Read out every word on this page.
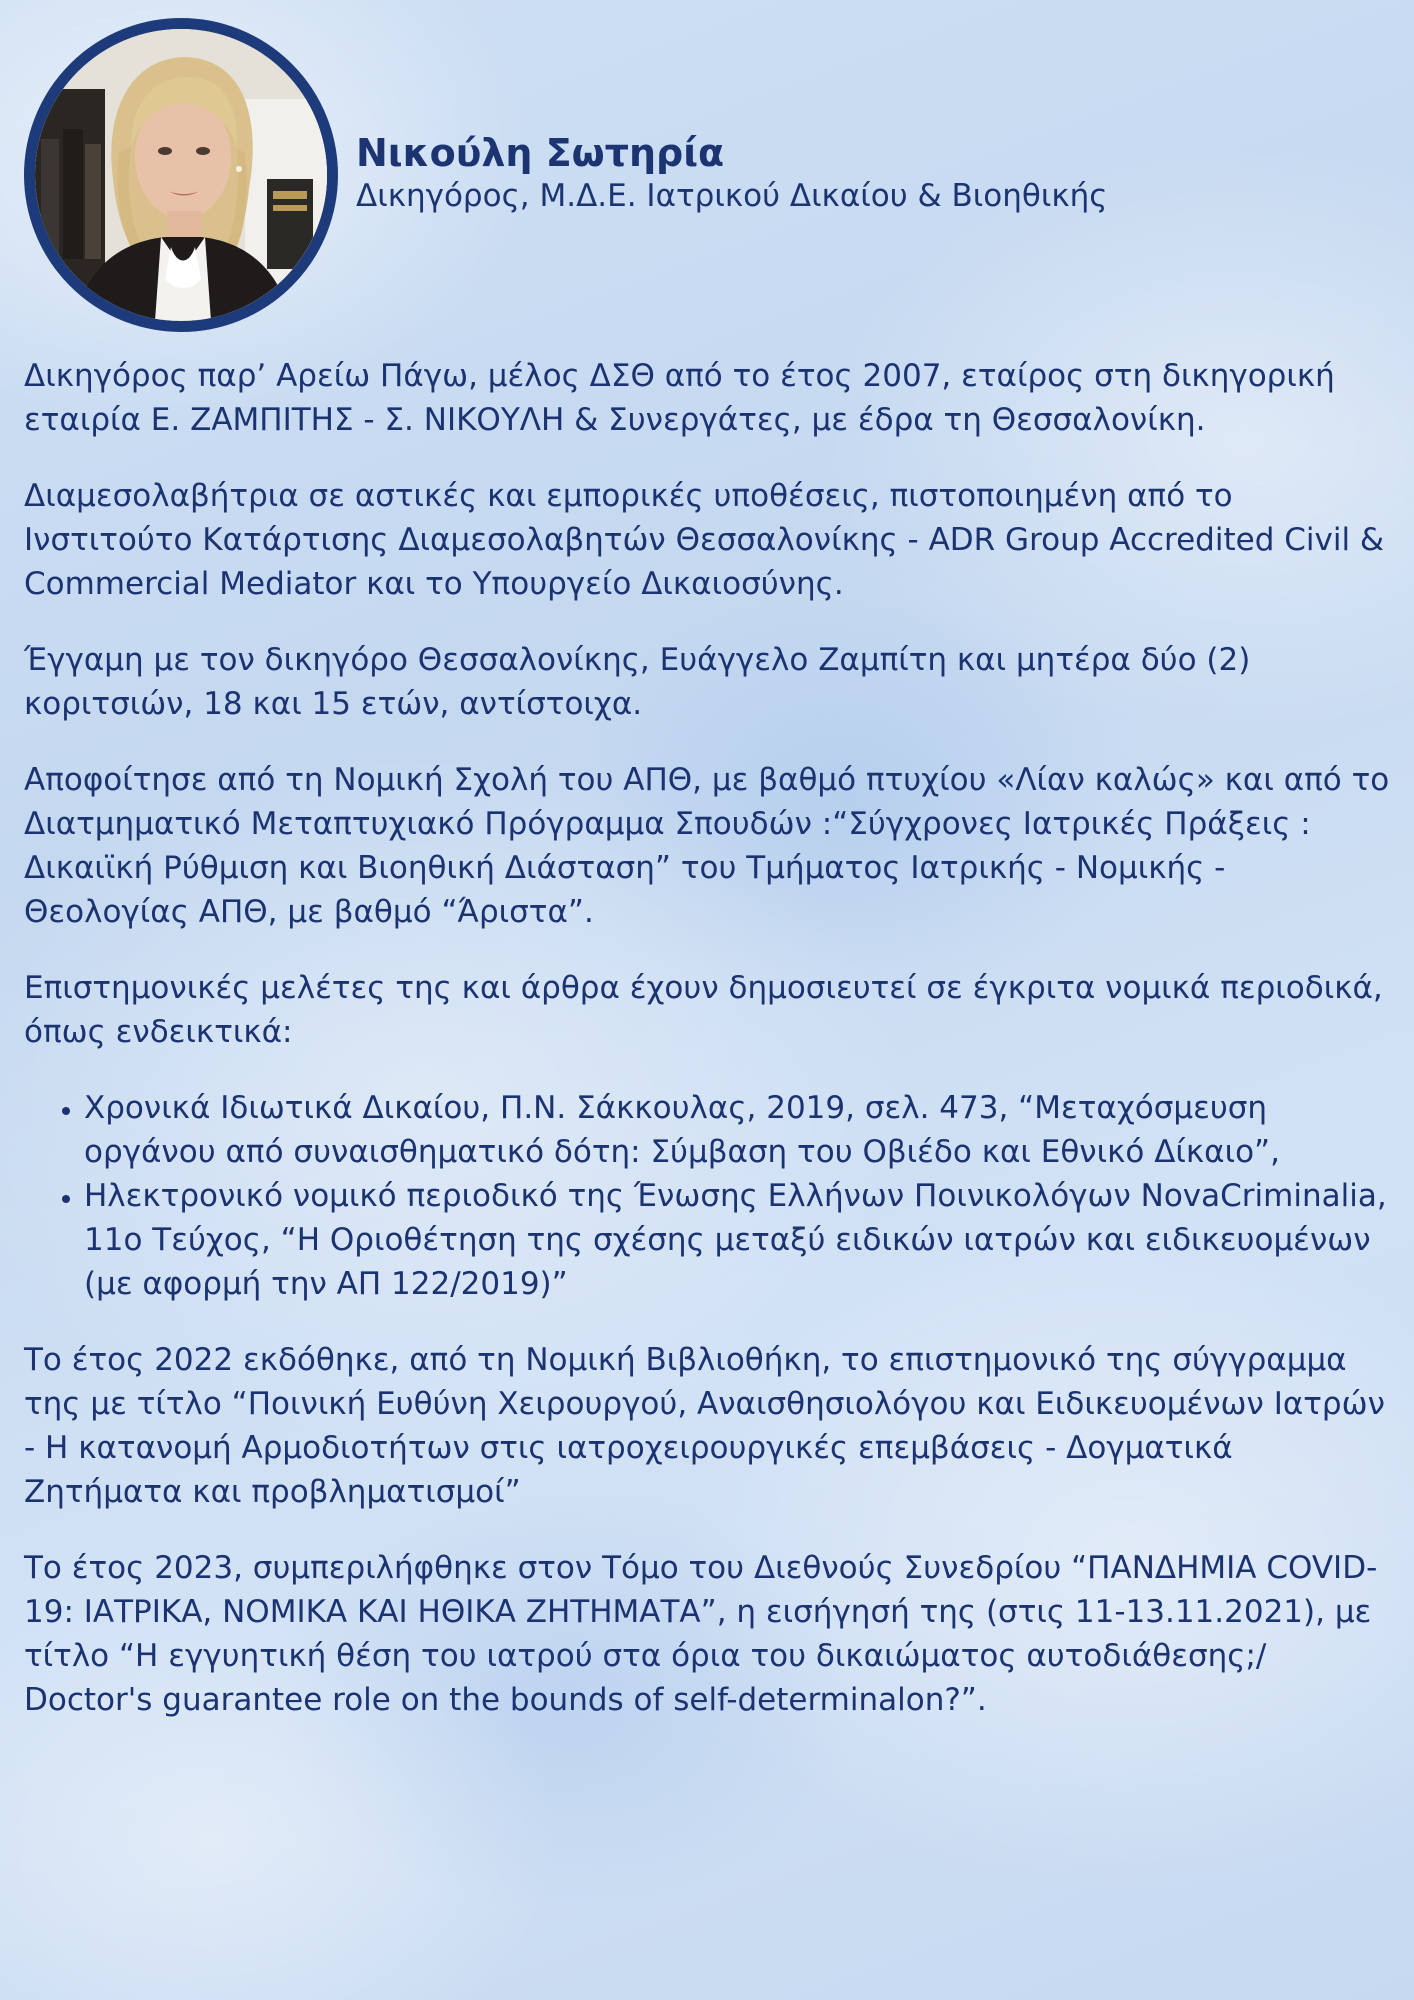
Νικούλη Σωτηρία
Δικηγόρος, Μ.Δ.Ε. Ιατρικού Δικαίου & Βιοηθικής

Δικηγόρος παρ’ Αρείω Πάγω, μέλος ΔΣΘ από το έτος 2007, εταίρος στη δικηγορική εταιρία Ε. ΖΑΜΠΙΤΗΣ - Σ. ΝΙΚΟΥΛΗ & Συνεργάτες, με έδρα τη Θεσσαλονίκη.

Διαμεσολαβήτρια σε αστικές και εμπορικές υποθέσεις, πιστοποιημένη από το Ινστιτούτο Κατάρτισης Διαμεσολαβητών Θεσσαλονίκης - ADR Group Accredited Civil & Commercial Mediator και το Υπουργείο Δικαιοσύνης.

Έγγαμη με τον δικηγόρο Θεσσαλονίκης, Ευάγγελο Ζαμπίτη και μητέρα δύο (2) κοριτσιών, 18 και 15 ετών, αντίστοιχα.

Αποφοίτησε από τη Νομική Σχολή του ΑΠΘ, με βαθμό πτυχίου «Λίαν καλώς» και από το Διατμηματικό Μεταπτυχιακό Πρόγραμμα Σπουδών :“Σύγχρονες Ιατρικές Πράξεις : Δικαιϊκή Ρύθμιση και Βιοηθική Διάσταση” του Τμήματος Ιατρικής - Νομικής - Θεολογίας ΑΠΘ, με βαθμό “Άριστα”.

Επιστημονικές μελέτες της και άρθρα έχουν δημοσιευτεί σε έγκριτα νομικά περιοδικά, όπως ενδεικτικά:

• Χρονικά Ιδιωτικά Δικαίου, Π.Ν. Σάκκουλας, 2019, σελ. 473, “Μεταχόσμευση οργάνου από συναισθηματικό δότη: Σύμβαση του Οβιέδο και Εθνικό Δίκαιο”,
• Ηλεκτρονικό νομικό περιοδικό της Ένωσης Ελλήνων Ποινικολόγων NovaCriminalia, 11ο Τεύχος, “Η Οριοθέτηση της σχέσης μεταξύ ειδικών ιατρών και ειδικευομένων (με αφορμή την ΑΠ 122/2019)”

Το έτος 2022 εκδόθηκε, από τη Νομική Βιβλιοθήκη, το επιστημονικό της σύγγραμμα της με τίτλο “Ποινική Ευθύνη Χειρουργού, Αναισθησιολόγου και Ειδικευομένων Ιατρών - Η κατανομή Αρμοδιοτήτων στις ιατροχειρουργικές επεμβάσεις - Δογματικά Ζητήματα και προβληματισμοί”

Το έτος 2023, συμπεριλήφθηκε στον Τόμο του Διεθνούς Συνεδρίου “ΠΑΝΔΗΜΙΑ COVID-19: ΙΑΤΡΙΚΑ, ΝΟΜΙΚΑ ΚΑΙ ΗΘΙΚΑ ΖΗΤΗΜΑΤΑ”, η εισήγησή της (στις 11-13.11.2021), με τίτλο “Η εγγυητική θέση του ιατρού στα όρια του δικαιώματος αυτοδιάθεσης;/ Doctor's guarantee role on the bounds of self-determinalon?”.
